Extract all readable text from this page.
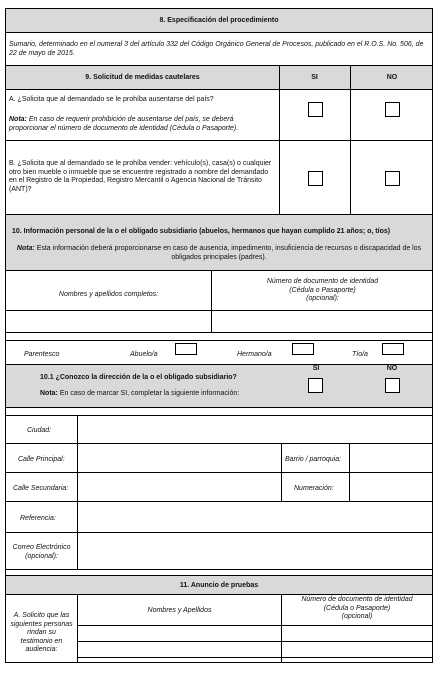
8. Especificación del procedimiento
Sumario, determinado en el numeral 3 del artículo 332 del Código Orgánico General de Procesos, publicado en el R.O.S. No. 506, de 22 de mayo de 2015.
9. Solicitud de medidas cautelares	SI	NO
A. ¿Solicita que al demandado se le prohíba ausentarse del país?
Nota: En caso de requerir prohibición de ausentarse del país, se deberá proporcionar el número de documento de identidad (Cédula o Pasaporte).
B. ¿Solicita que al demandado se le prohíba vender: vehículo(s), casa(s) o cualquier otro bien mueble o inmueble que se encuentre registrado a nombre del demandado en el Registro de la Propiedad, Registro Mercantil o Agencia Nacional de Tránsito (ANT)?
10. Información personal de la o el obligado subsidiario (abuelos, hermanos que hayan cumplido 21 años; o, tíos)
Nota: Esta información deberá proporcionarse en caso de ausencia, impedimento, insuficiencia de recursos o discapacidad de los obligados principales (padres).
Nombres y apellidos completos:
Número de documento de identidad
(Cédula o Pasaporte)
(opcional):
Parentesco	Abuelo/a	Hermano/a	Tío/a
10.1 ¿Conozco la dirección de la o el obligado subsidiario?
Nota: En caso de marcar SI, completar la siguiente información:
SI	NO
Ciudad:
Calle Principal:	Barrio / parroquia:
Calle Secundaria:	Numeración:
Referencia:
Correo Electrónico
(opcional):
11. Anuncio de pruebas
A. Solicito que las
siguientes personas
rindan su
testimonio en
audiencia:
Nombres y Apellidos
Número de documento de identidad
(Cédula o Pasaporte)
(opcional)
